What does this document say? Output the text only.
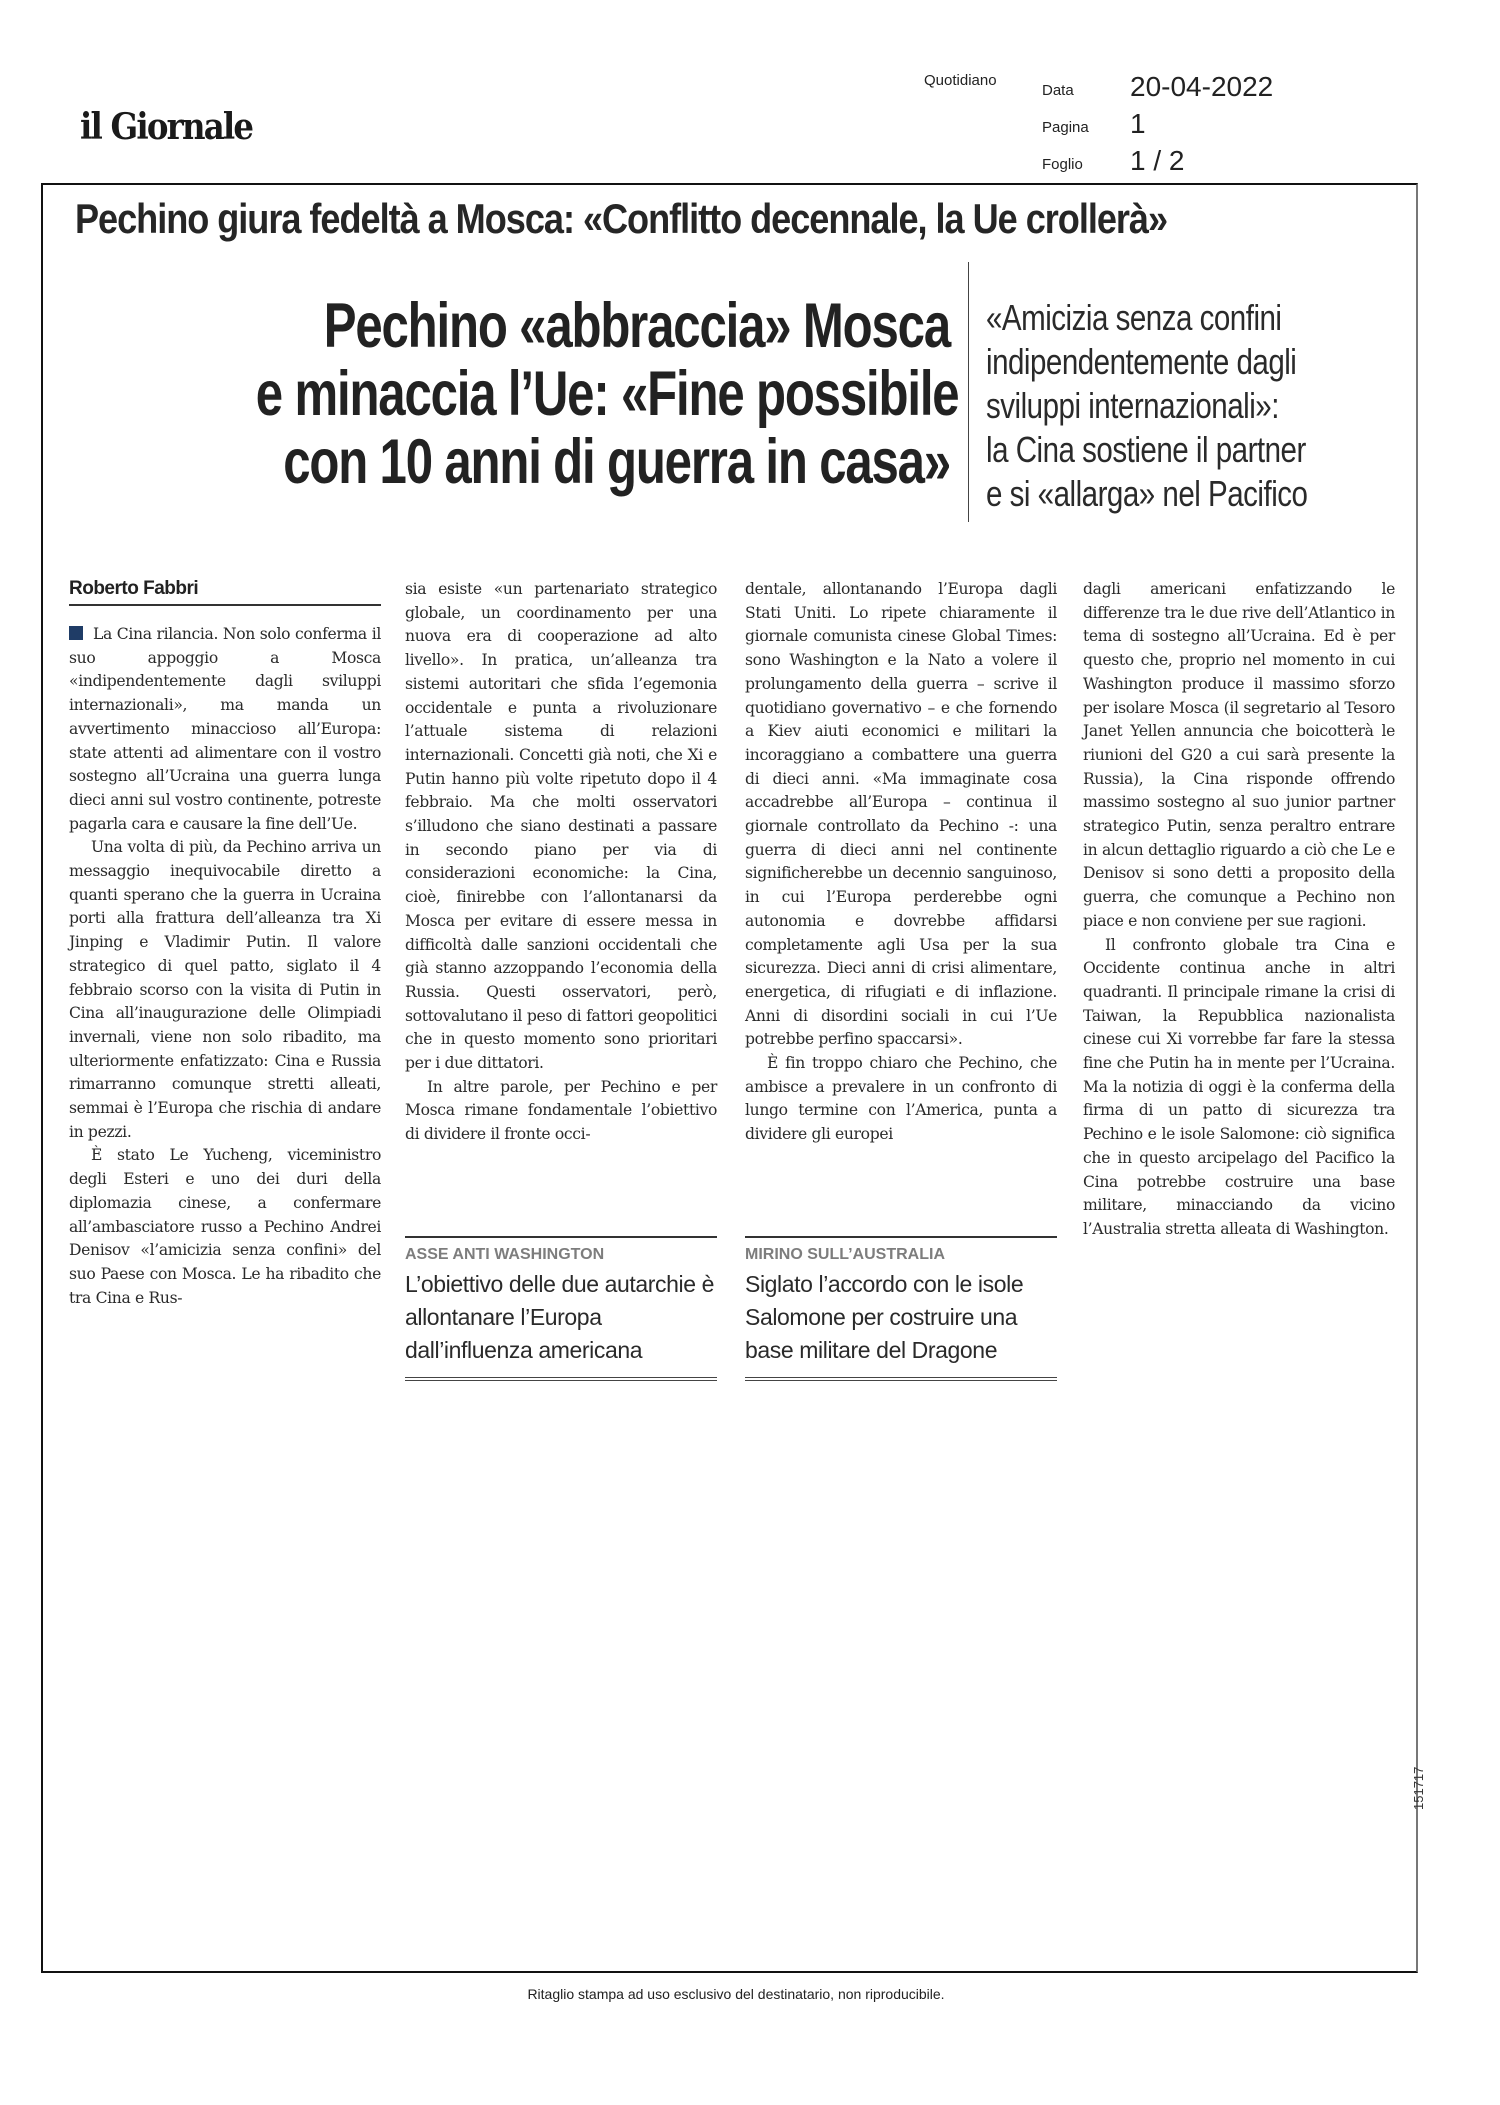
il Giornale
Quotidiano
Data	20-04-2022
Pagina	1
Foglio	1 / 2
Pechino giura fedeltà a Mosca: «Conflitto decennale, la Ue crollerà»
Pechino «abbraccia» Mosca
e minaccia l’Ue: «Fine possibile
con 10 anni di guerra in casa»
«Amicizia senza confini
indipendentemente dagli
sviluppi internazionali»:
la Cina sostiene il partner
e si «allarga» nel Pacifico
Roberto Fabbri

La Cina rilancia. Non solo conferma il suo appoggio a Mosca «indipendentemente dagli sviluppi internazionali», ma manda un avvertimento minaccioso all’Europa: state attenti ad alimentare con il vostro sostegno all’Ucraina una guerra lunga dieci anni sul vostro continente, potreste pagarla cara e causare la fine dell’Ue.

Una volta di più, da Pechino arriva un messaggio inequivocabile diretto a quanti sperano che la guerra in Ucraina porti alla frattura dell’alleanza tra Xi Jinping e Vladimir Putin. Il valore strategico di quel patto, siglato il 4 febbraio scorso con la visita di Putin in Cina all’inaugurazione delle Olimpiadi invernali, viene non solo ribadito, ma ulteriormente enfatizzato: Cina e Russia rimarranno comunque stretti alleati, semmai è l’Europa che rischia di andare in pezzi.

È stato Le Yucheng, viceministro degli Esteri e uno dei duri della diplomazia cinese, a confermare all’ambasciatore russo a Pechino Andrei Denisov «l’amicizia senza confini» del suo Paese con Mosca. Le ha ribadito che tra Cina e Rus-

sia esiste «un partenariato strategico globale, un coordinamento per una nuova era di cooperazione ad alto livello». In pratica, un’alleanza tra sistemi autoritari che sfida l’egemonia occidentale e punta a rivoluzionare l’attuale sistema di relazioni internazionali. Concetti già noti, che Xi e Putin hanno più volte ripetuto dopo il 4 febbraio. Ma che molti osservatori s’illudono che siano destinati a passare in secondo piano per via di considerazioni economiche: la Cina, cioè, finirebbe con l’allontanarsi da Mosca per evitare di essere messa in difficoltà dalle sanzioni occidentali che già stanno azzoppando l’economia della Russia. Questi osservatori, però, sottovalutano il peso di fattori geopolitici che in questo momento sono prioritari per i due dittatori.

In altre parole, per Pechino e per Mosca rimane fondamentale l’obiettivo di dividere il fronte occi-

dentale, allontanando l’Europa dagli Stati Uniti. Lo ripete chiaramente il giornale comunista cinese Global Times: sono Washington e la Nato a volere il prolungamento della guerra – scrive il quotidiano governativo – e che fornendo a Kiev aiuti economici e militari la incoraggiano a combattere una guerra di dieci anni. «Ma immaginate cosa accadrebbe all’Europa – continua il giornale controllato da Pechino -: una guerra di dieci anni nel continente significherebbe un decennio sanguinoso, in cui l’Europa perderebbe ogni autonomia e dovrebbe affidarsi completamente agli Usa per la sua sicurezza. Dieci anni di crisi alimentare, energetica, di rifugiati e di inflazione. Anni di disordini sociali in cui l’Ue potrebbe perfino spaccarsi».

È fin troppo chiaro che Pechino, che ambisce a prevalere in un confronto di lungo termine con l’America, punta a dividere gli europei

dagli americani enfatizzando le differenze tra le due rive dell’Atlantico in tema di sostegno all’Ucraina. Ed è per questo che, proprio nel momento in cui Washington produce il massimo sforzo per isolare Mosca (il segretario al Tesoro Janet Yellen annuncia che boicotterà le riunioni del G20 a cui sarà presente la Russia), la Cina risponde offrendo massimo sostegno al suo junior partner strategico Putin, senza peraltro entrare in alcun dettaglio riguardo a ciò che Le e Denisov si sono detti a proposito della guerra, che comunque a Pechino non piace e non conviene per sue ragioni.

Il confronto globale tra Cina e Occidente continua anche in altri quadranti. Il principale rimane la crisi di Taiwan, la Repubblica nazionalista cinese cui Xi vorrebbe far fare la stessa fine che Putin ha in mente per l’Ucraina. Ma la notizia di oggi è la conferma della firma di un patto di sicurezza tra Pechino e le isole Salomone: ciò significa che in questo arcipelago del Pacifico la Cina potrebbe costruire una base militare, minacciando da vicino l’Australia stretta alleata di Washington.

ASSE ANTI WASHINGTON
L’obiettivo delle due autarchie è allontanare l’Europa dall’influenza americana
MIRINO SULL’AUSTRALIA
Siglato l’accordo con le isole Salomone per costruire una base militare del Dragone
151717
Ritaglio stampa ad uso esclusivo del destinatario, non riproducibile.
